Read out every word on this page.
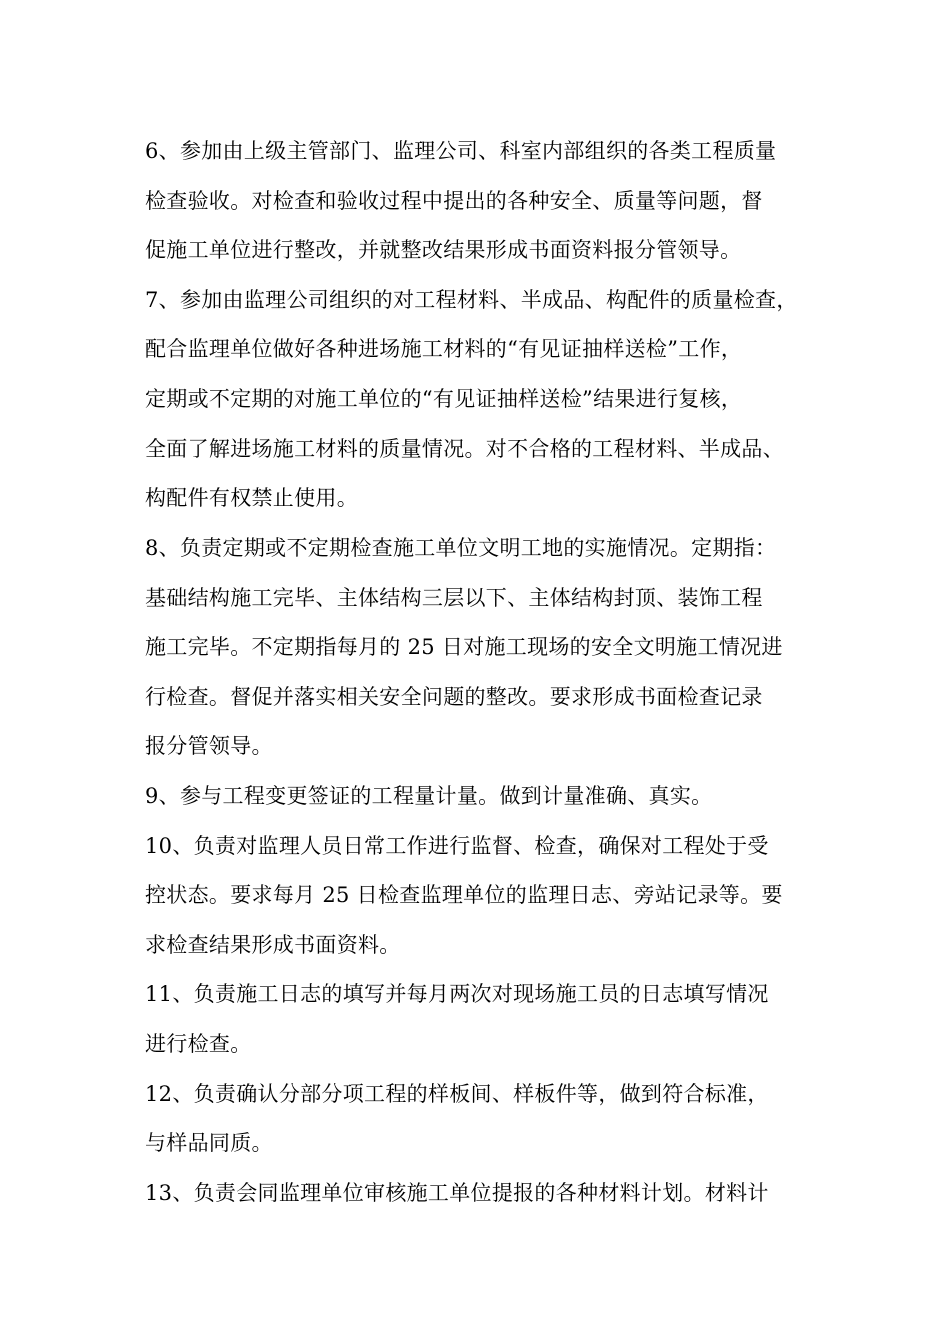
6、参加由上级主管部门、监理公司、科室内部组织的各类工程质量
检查验收。对检查和验收过程中提出的各种安全、质量等问题，督
促施工单位进行整改，并就整改结果形成书面资料报分管领导。
7、参加由监理公司组织的对工程材料、半成品、构配件的质量检查，
配合监理单位做好各种进场施工材料的“有见证抽样送检”工作，
定期或不定期的对施工单位的“有见证抽样送检”结果进行复核，
全面了解进场施工材料的质量情况。对不合格的工程材料、半成品、
构配件有权禁止使用。
8、负责定期或不定期检查施工单位文明工地的实施情况。定期指：
基础结构施工完毕、主体结构三层以下、主体结构封顶、装饰工程
施工完毕。不定期指每月的 25 日对施工现场的安全文明施工情况进
行检查。督促并落实相关安全问题的整改。要求形成书面检查记录
报分管领导。
9、参与工程变更签证的工程量计量。做到计量准确、真实。
10、负责对监理人员日常工作进行监督、检查，确保对工程处于受
控状态。要求每月 25 日检查监理单位的监理日志、旁站记录等。要
求检查结果形成书面资料。
11、负责施工日志的填写并每月两次对现场施工员的日志填写情况
进行检查。
12、负责确认分部分项工程的样板间、样板件等，做到符合标准，
与样品同质。
13、负责会同监理单位审核施工单位提报的各种材料计划。材料计
